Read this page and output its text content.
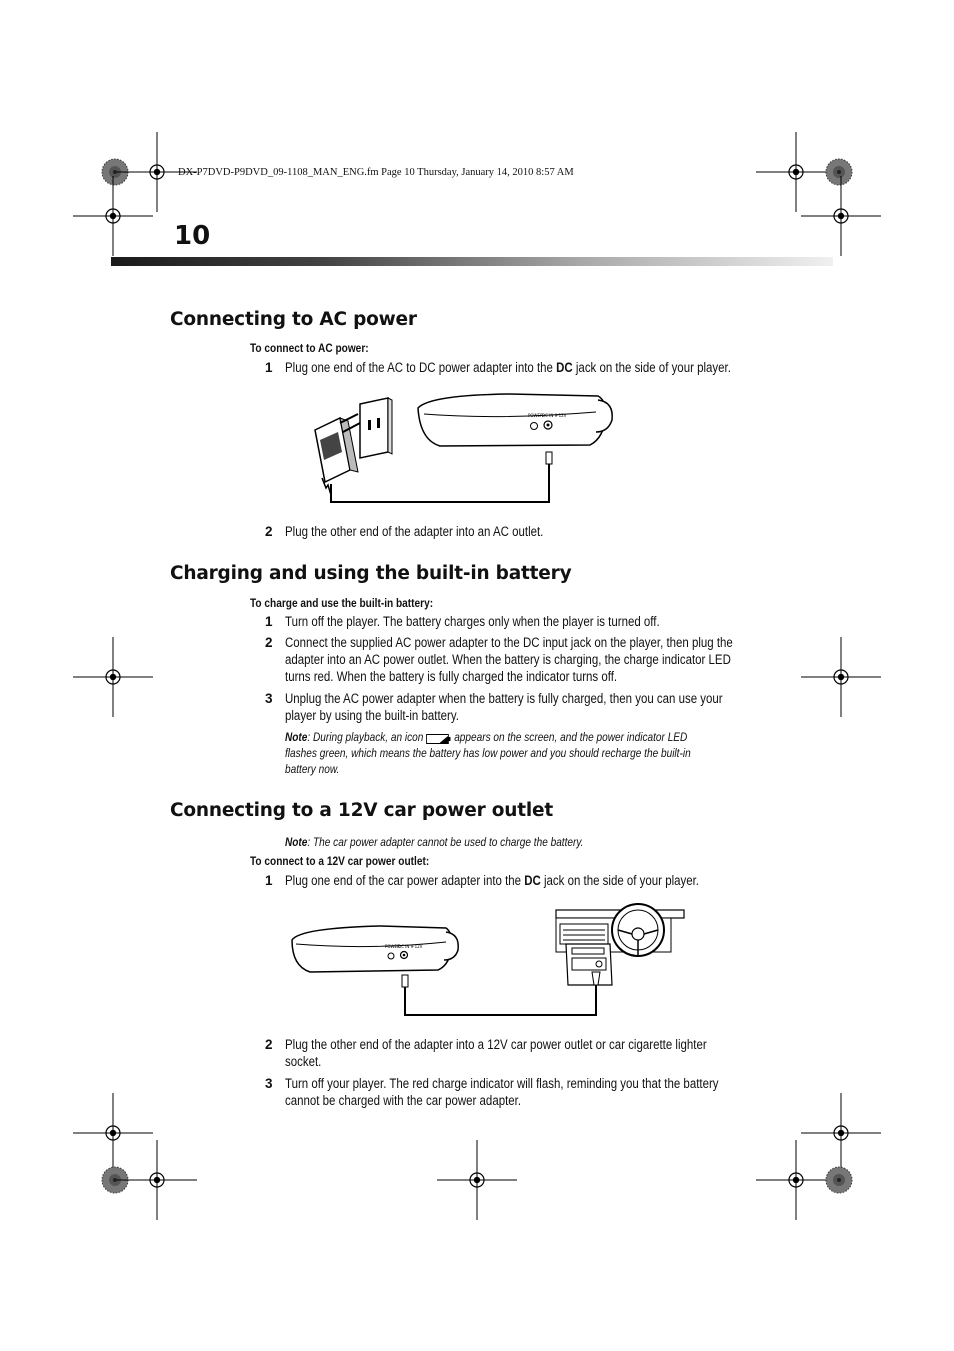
DX-P7DVD-P9DVD_09-1108_MAN_ENG.fm Page 10 Thursday, January 14, 2010 8:57 AM
10
Connecting to AC power
To connect to AC power:
1 Plug one end of the AC to DC power adapter into the DC jack on the side of your player.
POWER DC IN 9-12V
2 Plug the other end of the adapter into an AC outlet.
Charging and using the built-in battery
To charge and use the built-in battery:
1 Turn off the player. The battery charges only when the player is turned off.
2 Connect the supplied AC power adapter to the DC input jack on the player, then plug the adapter into an AC power outlet. When the battery is charging, the charge indicator LED turns red. When the battery is fully charged the indicator turns off.
3 Unplug the AC power adapter when the battery is fully charged, then you can use your player by using the built-in battery.
Note: During playback, an icon  appears on the screen, and the power indicator LED flashes green, which means the battery has low power and you should recharge the built-in battery now.
Connecting to a 12V car power outlet
Note: The car power adapter cannot be used to charge the battery.
To connect to a 12V car power outlet:
1 Plug one end of the car power adapter into the DC jack on the side of your player.
POWER
DC IN 9-12V
2 Plug the other end of the adapter into a 12V car power outlet or car cigarette lighter socket.
3 Turn off your player. The red charge indicator will flash, reminding you that the battery cannot be charged with the car power adapter.
